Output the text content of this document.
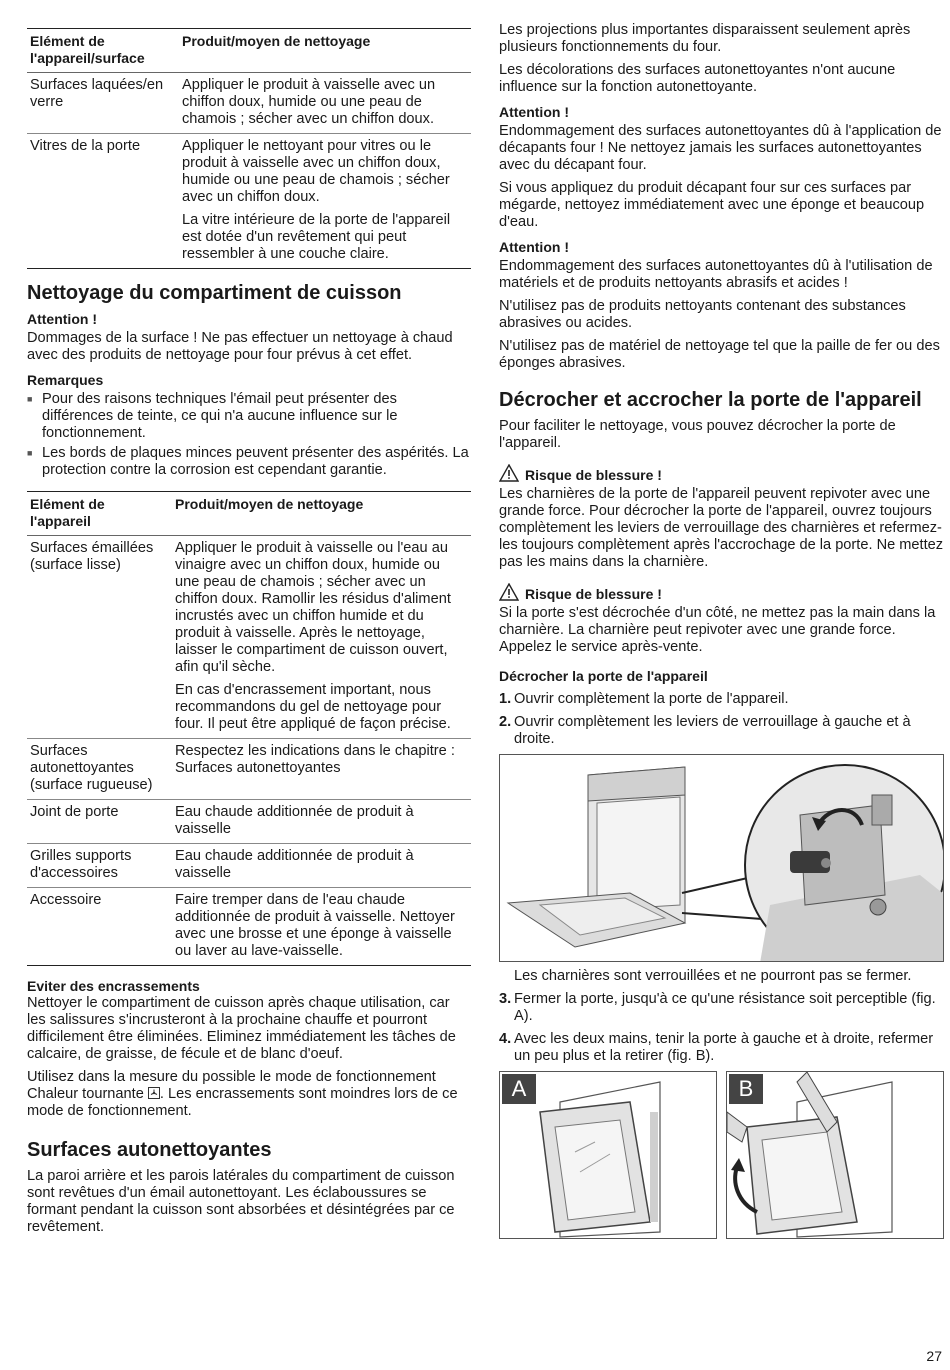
Elément de l'appareil/surface	Produit/moyen de nettoyage
Surfaces laquées/en verre	Appliquer le produit à vaisselle avec un chiffon doux, humide ou une peau de chamois ; sécher avec un chiffon doux.

Vitres de la porte	Appliquer le nettoyant pour vitres ou le produit à vaisselle avec un chiffon doux, humide ou une peau de chamois ; sécher avec un chiffon doux.

La vitre intérieure de la porte de l'appareil est dotée d'un revêtement qui peut ressembler à une couche claire.

Nettoyage du compartiment de cuisson
Attention !

Dommages de la surface ! Ne pas effectuer un nettoyage à chaud avec des produits de nettoyage pour four prévus à cet effet.

Remarques
■ Pour des raisons techniques l'émail peut présenter des différences de teinte, ce qui n'a aucune influence sur le fonctionnement.
■ Les bords de plaques minces peuvent présenter des aspérités. La protection contre la corrosion est cependant garantie.
Elément de l'appareil	Produit/moyen de nettoyage
Surfaces émaillées (surface lisse)	Appliquer le produit à vaisselle ou l'eau au vinaigre avec un chiffon doux, humide ou une peau de chamois ; sécher avec un chiffon doux. Ramollir les résidus d'aliment incrustés avec un chiffon humide et du produit à vaisselle. Après le nettoyage, laisser le compartiment de cuisson ouvert, afin qu'il sèche.

En cas d'encrassement important, nous recommandons du gel de nettoyage pour four. Il peut être appliqué de façon précise.

Surfaces autonettoyantes (surface rugueuse)	Respectez les indications dans le chapitre : Surfaces autonettoyantes

Joint de porte	Eau chaude additionnée de produit à vaisselle

Grilles supports d'accessoires	Eau chaude additionnée de produit à vaisselle

Accessoire	Faire tremper dans de l'eau chaude additionnée de produit à vaisselle. Nettoyer avec une brosse et une éponge à vaisselle ou laver au lave-vaisselle.

Eviter des encrassements

Nettoyer le compartiment de cuisson après chaque utilisation, car les salissures s'incrusteront à la prochaine chauffe et pourront difficilement être éliminées. Eliminez immédiatement les tâches de calcaire, de graisse, de fécule et de blanc d'oeuf.

Utilisez dans la mesure du possible le mode de fonctionnement Chaleur tournante
. Les encrassements sont moindres lors de ce mode de fonctionnement.

Surfaces autonettoyantes

La paroi arrière et les parois latérales du compartiment de cuisson sont revêtues d'un émail autonettoyant. Les éclaboussures se formant pendant la cuisson sont absorbées et désintégrées par ce revêtement.

Les projections plus importantes disparaissent seulement après plusieurs fonctionnements du four.

Les décolorations des surfaces autonettoyantes n'ont aucune influence sur la fonction autonettoyante.

Attention !

Endommagement des surfaces autonettoyantes dû à l'application de décapants four ! Ne nettoyez jamais les surfaces autonettoyantes avec du décapant four.

Si vous appliquez du produit décapant four sur ces surfaces par mégarde, nettoyez immédiatement avec une éponge et beaucoup d'eau.

Attention !

Endommagement des surfaces autonettoyantes dû à l'utilisation de matériels et de produits nettoyants abrasifs et acides !

N'utilisez pas de produits nettoyants contenant des substances abrasives ou acides.

N'utilisez pas de matériel de nettoyage tel que la paille de fer ou des éponges abrasives.

Décrocher et accrocher la porte de l'appareil

Pour faciliter le nettoyage, vous pouvez décrocher la porte de l'appareil.

Risque de blessure !

Les charnières de la porte de l'appareil peuvent repivoter avec une grande force. Pour décrocher la porte de l'appareil, ouvrez toujours complètement les leviers de verrouillage des charnières et refermez-les toujours complètement après l'accrochage de la porte. Ne mettez pas les mains dans la charnière.

Risque de blessure !

Si la porte s'est décrochée d'un côté, ne mettez pas la main dans la charnière. La charnière peut repivoter avec une grande force. Appelez le service après-vente.

Décrocher la porte de l'appareil
1. Ouvrir complètement la porte de l'appareil.
2. Ouvrir complètement les leviers de verrouillage à gauche et à droite.

Les charnières sont verrouillées et ne pourront pas se fermer.

3. Fermer la porte, jusqu'à ce qu'une résistance soit perceptible (fig. A).
4. Avec les deux mains, tenir la porte à gauche et à droite, refermer un peu plus et la retirer (fig. B).
A	B
27
